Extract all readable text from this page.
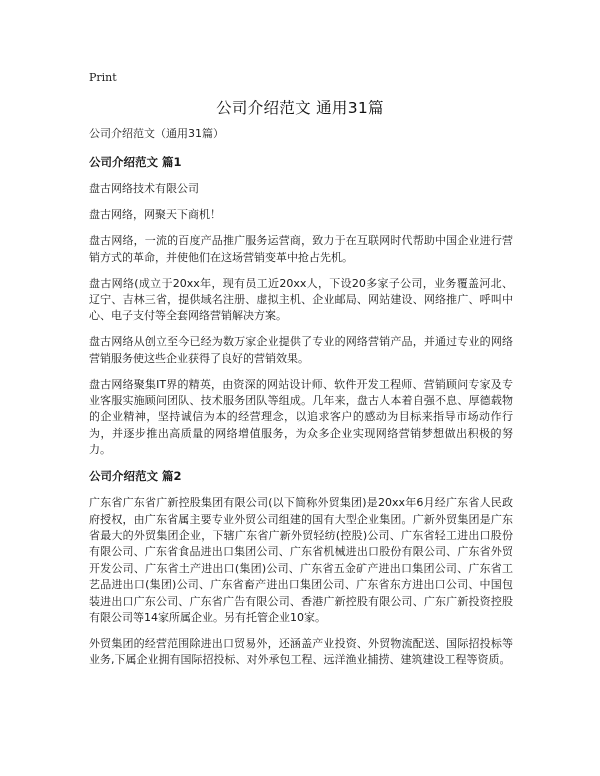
Print
公司介绍范文 通用31篇

公司介绍范文（通用31篇）

公司介绍范文 篇1

盘古网络技术有限公司

盘古网络，网聚天下商机！

盘古网络，一流的百度产品推广服务运营商，致力于在互联网时代帮助中国企业进行营销方式的革命，并使他们在这场营销变革中抢占先机。

盘古网络(成立于20xx年，现有员工近20xx人，下设20多家子公司，业务覆盖河北、辽宁、吉林三省，提供域名注册、虚拟主机、企业邮局、网站建设、网络推广、呼叫中心、电子支付等全套网络营销解决方案。

盘古网络从创立至今已经为数万家企业提供了专业的网络营销产品，并通过专业的网络营销服务使这些企业获得了良好的营销效果。

盘古网络聚集IT界的精英，由资深的网站设计师、软件开发工程师、营销顾问专家及专业客服实施顾问团队、技术服务团队等组成。几年来，盘古人本着自强不息、厚德载物的企业精神，坚持诚信为本的经营理念，以追求客户的感动为目标来指导市场动作行为，并逐步推出高质量的网络增值服务，为众多企业实现网络营销梦想做出积极的努力。

公司介绍范文 篇2

广东省广东省广新控股集团有限公司(以下简称外贸集团)是20xx年6月经广东省人民政府授权，由广东省属主要专业外贸公司组建的国有大型企业集团。广新外贸集团是广东省最大的外贸集团企业，下辖广东省广新外贸轻纺(控股)公司、广东省轻工进出口股份有限公司、广东省食品进出口集团公司、广东省机械进出口股份有限公司、广东省外贸开发公司、广东省土产进出口(集团)公司、广东省五金矿产进出口集团公司、广东省工艺品进出口(集团)公司、广东省畜产进出口集团公司、广东省东方进出口公司、中国包装进出口广东公司、广东省广告有限公司、香港广新控股有限公司、广东广新投资控股有限公司等14家所属企业。另有托管企业10家。

外贸集团的经营范围除进出口贸易外，还涵盖产业投资、外贸物流配送、国际招投标等业务,下属企业拥有国际招投标、对外承包工程、远洋渔业捕捞、建筑建设工程等资质。
